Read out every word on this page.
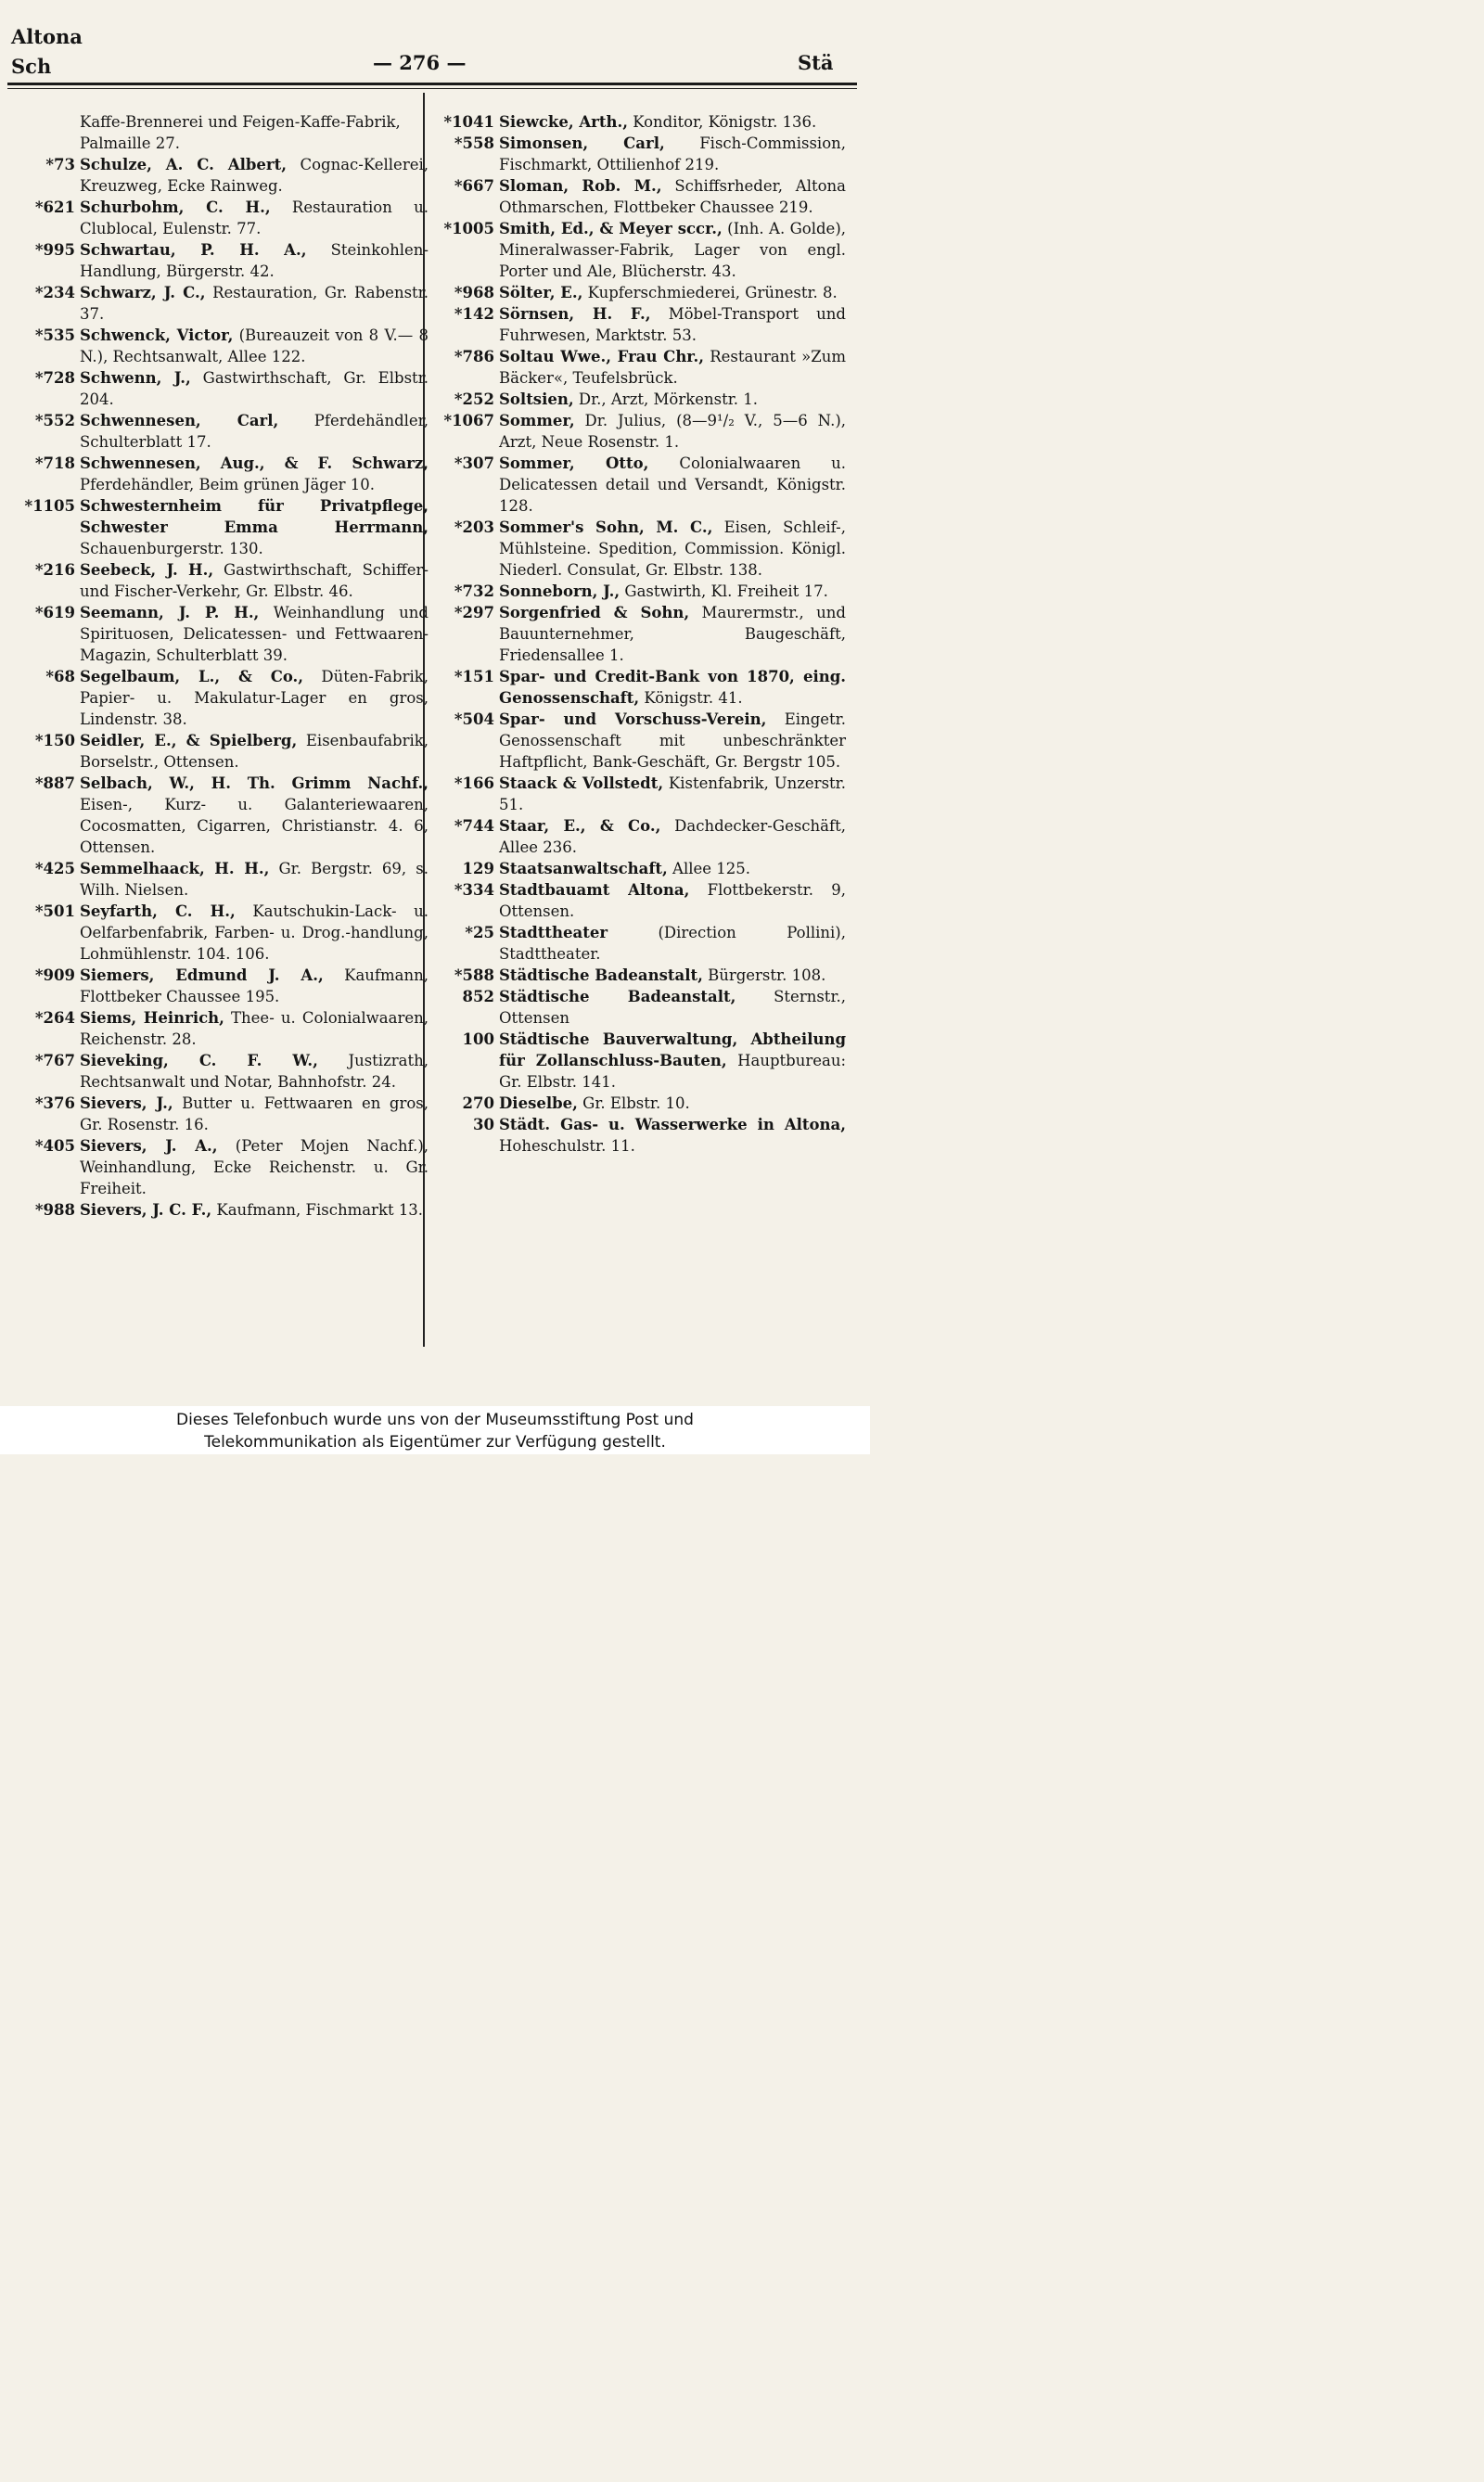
Altona
Sch	— 276 —	Stä
Kaffe-Brennerei und Feigen-Kaffe-Fabrik, Palmaille 27.
*73 Schulze, A. C. Albert, Cognac-Kellerei, Kreuzweg, Ecke Rainweg.
*621 Schurbohm, C. H., Restauration u. Clublocal, Eulenstr. 77.
*995 Schwartau, P. H. A., Steinkohlen-Handlung, Bürgerstr. 42.
*234 Schwarz, J. C., Restauration, Gr. Rabenstr. 37.
*535 Schwenck, Victor, (Bureauzeit von 8 V.— 8 N.), Rechtsanwalt, Allee 122.
*728 Schwenn, J., Gastwirthschaft, Gr. Elbstr. 204.
*552 Schwennesen, Carl, Pferdehändler, Schulterblatt 17.
*718 Schwennesen, Aug., & F. Schwarz, Pferdehändler, Beim grünen Jäger 10.
*1105 Schwesternheim für Privatpflege, Schwester Emma Herrmann, Schauenburgerstr. 130.
*216 Seebeck, J. H., Gastwirthschaft, Schiffer- und Fischer-Verkehr, Gr. Elbstr. 46.
*619 Seemann, J. P. H., Weinhandlung und Spirituosen, Delicatessen- und Fettwaaren-Magazin, Schulterblatt 39.
*68 Segelbaum, L., & Co., Düten-Fabrik, Papier- u. Makulatur-Lager en gros, Lindenstr. 38.
*150 Seidler, E., & Spielberg, Eisenbaufabrik, Borselstr., Ottensen.
*887 Selbach, W., H. Th. Grimm Nachf., Eisen-, Kurz- u. Galanteriewaaren, Cocosmatten, Cigarren, Christianstr. 4. 6, Ottensen.
*425 Semmelhaack, H. H., Gr. Bergstr. 69, s. Wilh. Nielsen.
*501 Seyfarth, C. H., Kautschukin-Lack- u. Oelfarbenfabrik, Farben- u. Drog.-handlung, Lohmühlenstr. 104. 106.
*909 Siemers, Edmund J. A., Kaufmann, Flottbeker Chaussee 195.
*264 Siems, Heinrich, Thee- u. Colonialwaaren, Reichenstr. 28.
*767 Sieveking, C. F. W., Justizrath, Rechtsanwalt und Notar, Bahnhofstr. 24.
*376 Sievers, J., Butter u. Fettwaaren en gros, Gr. Rosenstr. 16.
*405 Sievers, J. A., (Peter Mojen Nachf.), Weinhandlung, Ecke Reichenstr. u. Gr. Freiheit.
*988 Sievers, J. C. F., Kaufmann, Fischmarkt 13.
*1041 Siewcke, Arth., Konditor, Königstr. 136.
*558 Simonsen, Carl, Fisch-Commission, Fischmarkt, Ottilienhof 219.
*667 Sloman, Rob. M., Schiffsrheder, Altona Othmarschen, Flottbeker Chaussee 219.
*1005 Smith, Ed., & Meyer sccr., (Inh. A. Golde), Mineralwasser-Fabrik, Lager von engl. Porter und Ale, Blücherstr. 43.
*968 Sölter, E., Kupferschmiederei, Grünestr. 8.
*142 Sörnsen, H. F., Möbel-Transport und Fuhrwesen, Marktstr. 53.
*786 Soltau Wwe., Frau Chr., Restaurant »Zum Bäcker«, Teufelsbrück.
*252 Soltsien, Dr., Arzt, Mörkenstr. 1.
*1067 Sommer, Dr. Julius, (8—9¹/₂ V., 5—6 N.), Arzt, Neue Rosenstr. 1.
*307 Sommer, Otto, Colonialwaaren u. Delicatessen detail und Versandt, Königstr. 128.
*203 Sommer's Sohn, M. C., Eisen, Schleif-, Mühlsteine. Spedition, Commission. Königl. Niederl. Consulat, Gr. Elbstr. 138.
*732 Sonneborn, J., Gastwirth, Kl. Freiheit 17.
*297 Sorgenfried & Sohn, Maurermstr., und Bauunternehmer, Baugeschäft, Friedensallee 1.
*151 Spar- und Credit-Bank von 1870, eing. Genossenschaft, Königstr. 41.
*504 Spar- und Vorschuss-Verein, Eingetr. Genossenschaft mit unbeschränkter Haftpflicht, Bank-Geschäft, Gr. Bergstr 105.
*166 Staack & Vollstedt, Kistenfabrik, Unzerstr. 51.
*744 Staar, E., & Co., Dachdecker-Geschäft, Allee 236.
129 Staatsanwaltschaft, Allee 125.
*334 Stadtbauamt Altona, Flottbekerstr. 9, Ottensen.
*25 Stadttheater (Direction Pollini), Stadttheater.
*588 Städtische Badeanstalt, Bürgerstr. 108.
852 Städtische Badeanstalt, Sternstr., Ottensen
100 Städtische Bauverwaltung, Abtheilung für Zollanschluss-Bauten, Hauptbureau: Gr. Elbstr. 141.
270 Dieselbe, Gr. Elbstr. 10.
30 Städt. Gas- u. Wasserwerke in Altona, Hoheschulstr. 11.
Dieses Telefonbuch wurde uns von der Museumsstiftung Post und
Telekommunikation als Eigentümer zur Verfügung gestellt.
